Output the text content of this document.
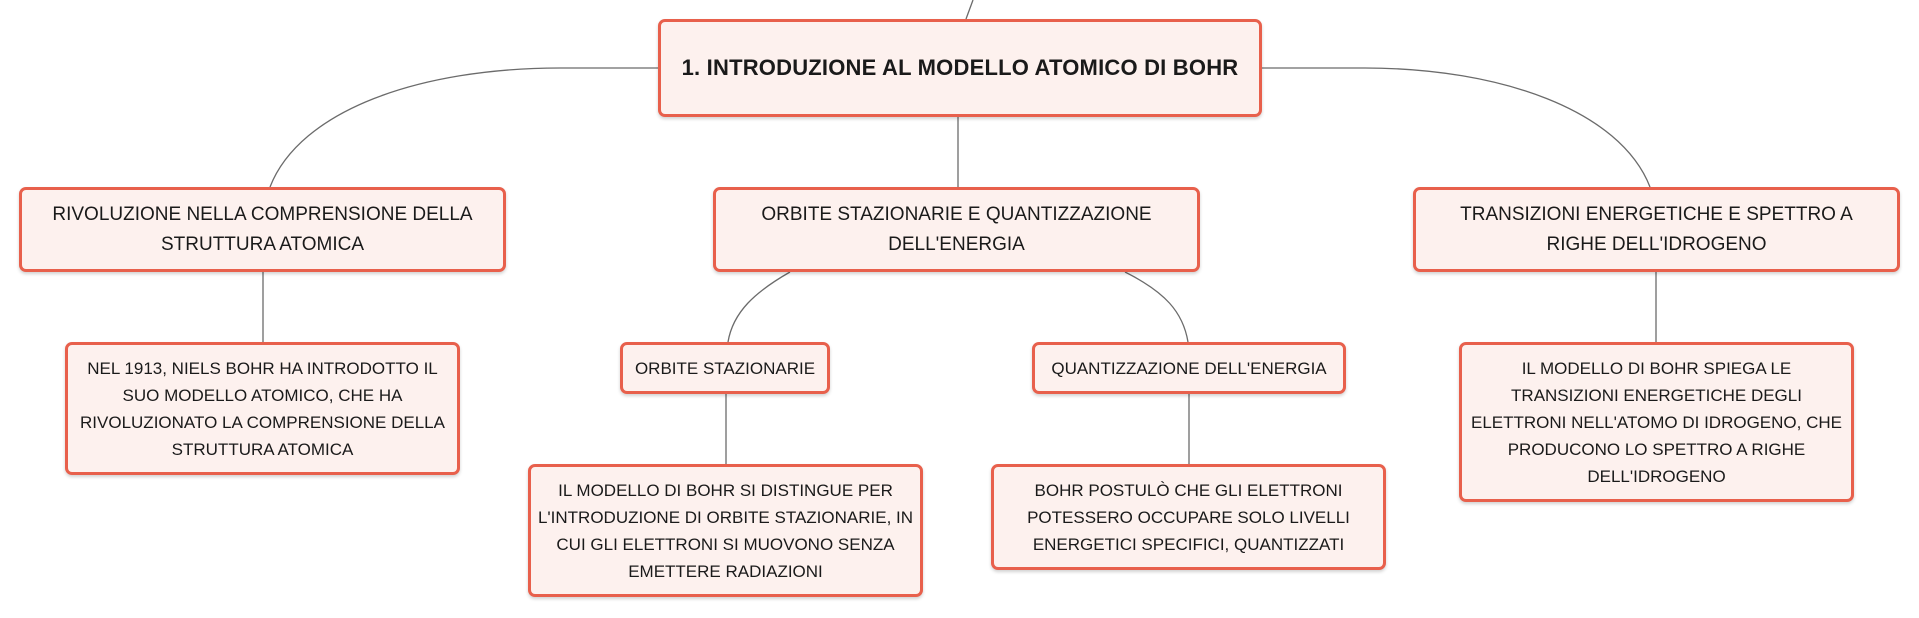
1. INTRODUZIONE AL MODELLO ATOMICO DI BOHR
RIVOLUZIONE NELLA COMPRENSIONE DELLA STRUTTURA ATOMICA
ORBITE STAZIONARIE E QUANTIZZAZIONE DELL'ENERGIA
TRANSIZIONI ENERGETICHE E SPETTRO A RIGHE DELL'IDROGENO
NEL 1913, NIELS BOHR HA INTRODOTTO IL SUO MODELLO ATOMICO, CHE HA RIVOLUZIONATO LA COMPRENSIONE DELLA STRUTTURA ATOMICA
ORBITE STAZIONARIE	QUANTIZZAZIONE DELL'ENERGIA
IL MODELLO DI BOHR SI DISTINGUE PER L'INTRODUZIONE DI ORBITE STAZIONARIE, IN CUI GLI ELETTRONI SI MUOVONO SENZA EMETTERE RADIAZIONI
BOHR POSTULÒ CHE GLI ELETTRONI POTESSERO OCCUPARE SOLO LIVELLI ENERGETICI SPECIFICI, QUANTIZZATI
IL MODELLO DI BOHR SPIEGA LE TRANSIZIONI ENERGETICHE DEGLI ELETTRONI NELL'ATOMO DI IDROGENO, CHE PRODUCONO LO SPETTRO A RIGHE DELL'IDROGENO
